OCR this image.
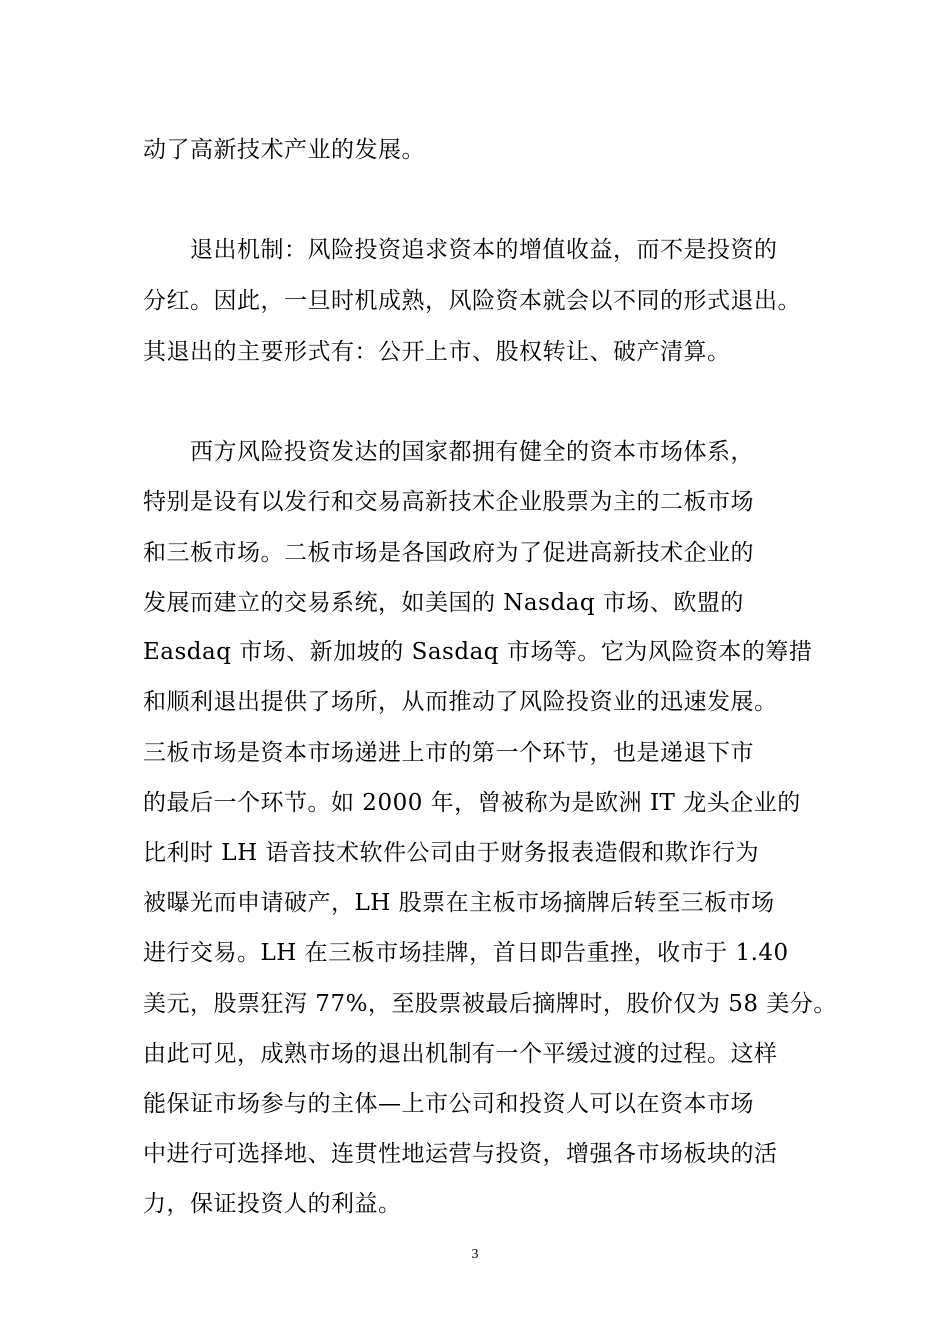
动了高新技术产业的发展。
退出机制：风险投资追求资本的增值收益，而不是投资的
分红。因此，一旦时机成熟，风险资本就会以不同的形式退出。
其退出的主要形式有：公开上市、股权转让、破产清算。
西方风险投资发达的国家都拥有健全的资本市场体系，
特别是设有以发行和交易高新技术企业股票为主的二板市场
和三板市场。二板市场是各国政府为了促进高新技术企业的
发展而建立的交易系统，如美国的 Nasdaq 市场、欧盟的
Easdaq 市场、新加坡的 Sasdaq 市场等。它为风险资本的筹措
和顺利退出提供了场所，从而推动了风险投资业的迅速发展。
三板市场是资本市场递进上市的第一个环节，也是递退下市
的最后一个环节。如 2000 年，曾被称为是欧洲 IT 龙头企业的
比利时 LH 语音技术软件公司由于财务报表造假和欺诈行为
被曝光而申请破产，LH 股票在主板市场摘牌后转至三板市场
进行交易。LH 在三板市场挂牌，首日即告重挫，收市于 1.40
美元，股票狂泻 77%，至股票被最后摘牌时，股价仅为 58 美分。
由此可见，成熟市场的退出机制有一个平缓过渡的过程。这样
能保证市场参与的主体—上市公司和投资人可以在资本市场
中进行可选择地、连贯性地运营与投资，增强各市场板块的活
力，保证投资人的利益。
3
